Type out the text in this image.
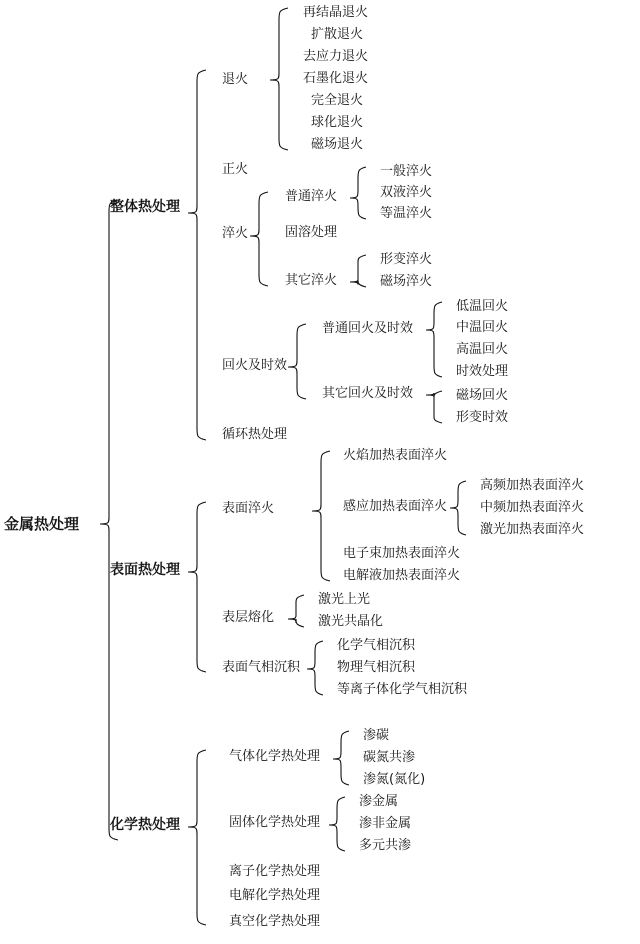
金属热处理
整体热处理
退火
再结晶退火
扩散退火
去应力退火
石墨化退火
完全退火
球化退火
磁场退火
正火
淬火
普通淬火
一般淬火
双液淬火
等温淬火
固溶处理
其它淬火
形变淬火
磁场淬火
回火及时效
普通回火及时效
低温回火
中温回火
高温回火
时效处理
其它回火及时效	磁场回火
形变时效
循环热处理
表面热处理
表面淬火
火焰加热表面淬火
感应加热表面淬火
高频加热表面淬火
中频加热表面淬火
激光加热表面淬火
电子束加热表面淬火
电解液加热表面淬火
表层熔化
激光上光
激光共晶化
表面气相沉积
化学气相沉积
物理气相沉积
等离子体化学气相沉积
化学热处理
气体化学热处理
渗碳
碳氮共渗
渗氮(氮化)
固体化学热处理
渗金属
渗非金属
多元共渗
离子化学热处理
电解化学热处理
真空化学热处理
